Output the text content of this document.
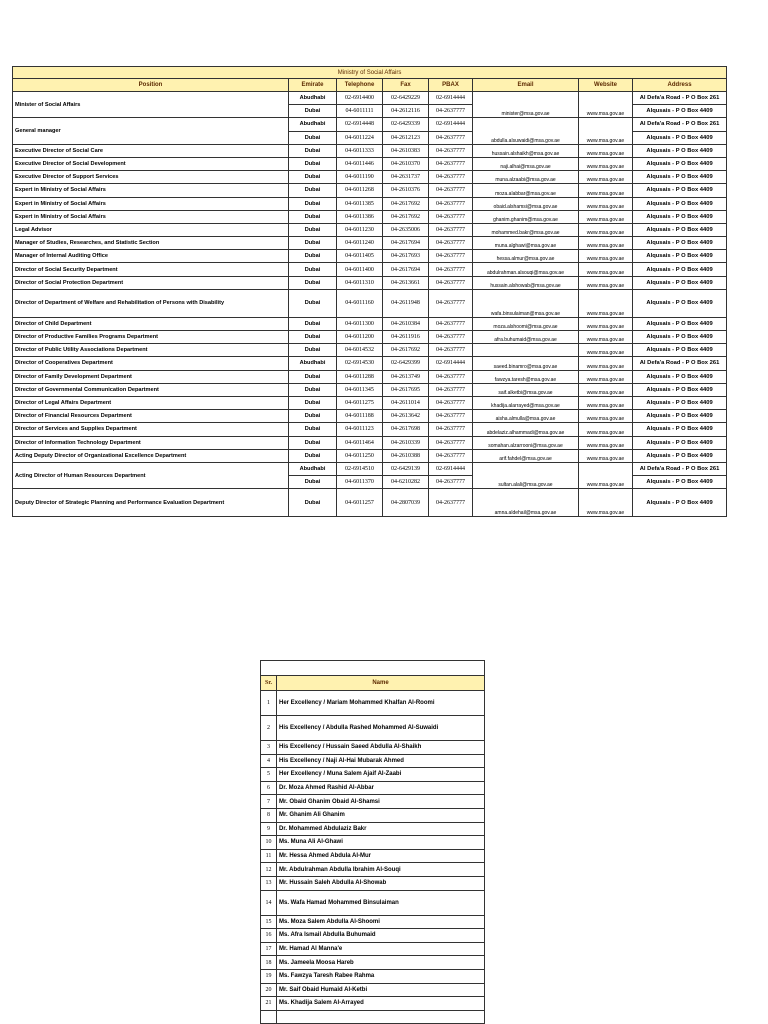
Ministry of Social Affairs							
Position	Emirate	Telephone	Fax	PBAX	Email	Website	Address
Minister of Social Affairs	Abudhabi	02-6914400	02-6429229	02-6914444	minister@msa.gov.ae	www.msa.gov.ae	Al Defa'a Road - P O Box 261
	Dubai	04-6011111	04-2612116	04-2637777			Alqusais - P O Box 4409
General manager	Abudhabi	02-6914448	02-6429339	02-6914444	abdulla.alsuwaidi@msa.gov.ae	www.msa.gov.ae	Al Defa'a Road - P O Box 261
	Dubai	04-6011224	04-2612123	04-2637777			Alqusais - P O Box 4409
Executive Director of Social Care	Dubai	04-6011333	04-2610383	04-2637777	hussain.alshaikh@msa.gov.ae	www.msa.gov.ae	Alqusais - P O Box 4409
Executive Director of Social Development	Dubai	04-6011446	04-2610370	04-2637777	naji.alhai@msa.gov.ae	www.msa.gov.ae	Alqusais - P O Box 4409
Executive Director of Support Services	Dubai	04-6011190	04-2631737	04-2637777	muna.alzaabi@msa.gov.ae	www.msa.gov.ae	Alqusais - P O Box 4409
Expert in Ministry of Social Affairs	Dubai	04-6011268	04-2610376	04-2637777	moza.alabbar@msa.gov.ae	www.msa.gov.ae	Alqusais - P O Box 4409
Expert in Ministry of Social Affairs	Dubai	04-6011385	04-2617692	04-2637777	obaid.alshamsi@msa.gov.ae	www.msa.gov.ae	Alqusais - P O Box 4409
Expert in Ministry of Social Affairs	Dubai	04-6011386	04-2617692	04-2637777	ghanim.ghanim@msa.gov.ae	www.msa.gov.ae	Alqusais - P O Box 4409
Legal Advisor	Dubai	04-6011230	04-2635006	04-2637777	mohammed.bakr@msa.gov.ae	www.msa.gov.ae	Alqusais - P O Box 4409
Manager of Studies, Researches, and Statistic Section	Dubai	04-6011240	04-2617694	04-2637777	muna.alghawi@msa.gov.ae	www.msa.gov.ae	Alqusais - P O Box 4409
Manager of Internal Auditing Office	Dubai	04-6011405	04-2617693	04-2637777	hessa.almur@msa.gov.ae	www.msa.gov.ae	Alqusais - P O Box 4409
Director of Social Security Department	Dubai	04-6011400	04-2617694	04-2637777	abdulrahman.alsouqi@msa.gov.ae	www.msa.gov.ae	Alqusais - P O Box 4409
Director of Social Protection Department	Dubai	04-6011310	04-2613661	04-2637777	hussain.alshowab@msa.gov.ae	www.msa.gov.ae	Alqusais - P O Box 4409
Director of Department of Welfare and Rehabilitation of Persons with Disability	Dubai	04-6011160	04-2611948	04-2637777	wafa.binsulaiman@msa.gov.ae	www.msa.gov.ae	Alqusais - P O Box 4409
Director of Child Department	Dubai	04-6011300	04-2610384	04-2637777	moza.alshoomi@msa.gov.ae	www.msa.gov.ae	Alqusais - P O Box 4409
Director of Productive Families Programs Department	Dubai	04-6011200	04-2611916	04-2637777	afra.buhumaid@msa.gov.ae	www.msa.gov.ae	Alqusais - P O Box 4409
Director of Public Utility Associations Department	Dubai	04-6014532	04-2617692	04-2637777		www.msa.gov.ae	Alqusais - P O Box 4409
Director of Cooperatives Department	Abudhabi	02-6914530	02-6429399	02-6914444	saeed.binamro@msa.gov.ae	www.msa.gov.ae	Al Defa'a Road - P O Box 261
Director of Family Development Department	Dubai	04-6011288	04-2613749	04-2637777	fawzya.taresh@msa.gov.ae	www.msa.gov.ae	Alqusais - P O Box 4409
Director of Governmental Communication Department	Dubai	04-6011345	04-2617695	04-2637777	saif.alketbi@msa.gov.ae	www.msa.gov.ae	Alqusais - P O Box 4409
Director of Legal Affairs Department	Dubai	04-6011275	04-2611014	04-2637777	khadija.alarrayed@msa.gov.ae	www.msa.gov.ae	Alqusais - P O Box 4409
Director of Financial Resources Department	Dubai	04-6011188	04-2613642	04-2637777	aisha.almulla@msa.gov.ae	www.msa.gov.ae	Alqusais - P O Box 4409
Director of Services and Supplies Department	Dubai	04-6011123	04-2617698	04-2637777	abdelaziz.alhammadi@msa.gov.ae	www.msa.gov.ae	Alqusais - P O Box 4409
Director of Information Technology Department	Dubai	04-6011464	04-2610339	04-2637777	somahan.alzarrooni@msa.gov.ae	www.msa.gov.ae	Alqusais - P O Box 4409
Acting Deputy Director of Organizational Excellence Department	Dubai	04-6011250	04-2610388	04-2637777	arif.fahdel@msa.gov.ae	www.msa.gov.ae	Alqusais - P O Box 4409
Acting Director of Human Resources Department	Abudhabi	02-6914510	02-6429139	02-6914444	sultan.alali@msa.gov.ae	www.msa.gov.ae	Al Defa'a Road - P O Box 261
	Dubai	04-6011370	04-6210282	04-2637777			Alqusais - P O Box 4409
Deputy Director of Strategic Planning and Performance Evaluation Department	Dubai	04-6011257	04-2807039	04-2637777	amna.aldehail@msa.gov.ae	www.msa.gov.ae	Alqusais - P O Box 4409

Sr.	Name
1	Her Excellency / Mariam Mohammed Khalfan Al-Roomi
2	His Excellency / Abdulla Rashed Mohammed Al-Suwaidi
3	His Excellency / Hussain Saeed Abdulla Al-Shaikh
4	His Excellency / Naji Al-Hai Mubarak Ahmed
5	Her Excellency / Muna Salem Ajaif Al-Zaabi
6	Dr. Moza Ahmed Rashid Al-Abbar
7	Mr. Obaid Ghanim Obaid Al-Shamsi
8	Mr. Ghanim Ali Ghanim
9	Dr. Mohammed Abdulaziz Bakr
10	Ms. Muna Ali Al-Ghawi
11	Mr. Hessa Ahmed Abdula Al-Mur
12	Mr. Abdulrahman Abdulla Ibrahim Al-Souqi
13	Mr. Hussain Saleh Abdulla Al-Showab
14	Ms. Wafa Hamad Mohammed Binsulaiman
15	Ms. Moza Salem Abdulla Al-Shoomi
16	Ms. Afra Ismail Abdulla Buhumaid
17	Mr. Hamad Al Manna'e
18	Ms. Jameela Moosa Hareb
19	Ms. Fawzya Taresh Rabee Rahma
20	Mr. Saif Obaid Humaid Al-Ketbi
21	Ms. Khadija Salem Al-Arrayed
